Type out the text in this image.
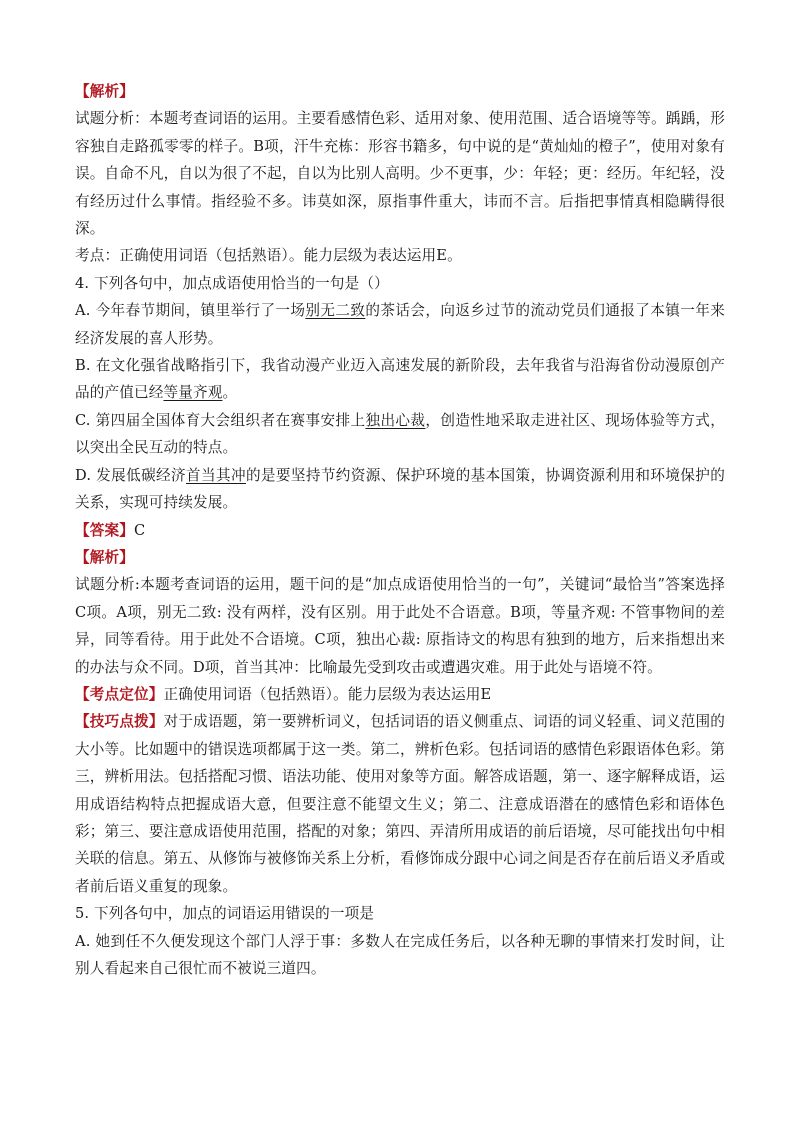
【解析】

试题分析：本题考查词语的运用。主要看感情色彩、适用对象、使用范围、适合语境等等。踽踽，形容独自走路孤零零的样子。B项，汗牛充栋：形容书籍多，句中说的是“黄灿灿的橙子”，使用对象有误。自命不凡，自以为很了不起，自以为比别人高明。少不更事，少：年轻；更：经历。年纪轻，没有经历过什么事情。指经验不多。讳莫如深，原指事件重大，讳而不言。后指把事情真相隐瞒得很深。

考点：正确使用词语（包括熟语）。能力层级为表达运用E。

4. 下列各句中，加点成语使用恰当的一句是（）

A. 今年春节期间，镇里举行了一场别无二致的茶话会，向返乡过节的流动党员们通报了本镇一年来经济发展的喜人形势。

B. 在文化强省战略指引下，我省动漫产业迈入高速发展的新阶段，去年我省与沿海省份动漫原创产品的产值已经等量齐观。

C. 第四届全国体育大会组织者在赛事安排上独出心裁，创造性地采取走进社区、现场体验等方式，以突出全民互动的特点。

D. 发展低碳经济首当其冲的是要坚持节约资源、保护环境的基本国策，协调资源利用和环境保护的关系，实现可持续发展。

【答案】C

【解析】

试题分析:本题考查词语的运用，题干问的是“加点成语使用恰当的一句”，关键词“最恰当”答案选择C项。A项，别无二致: 没有两样，没有区别。用于此处不合语意。B项，等量齐观: 不管事物间的差异，同等看待。用于此处不合语境。C项，独出心裁: 原指诗文的构思有独到的地方，后来指想出来的办法与众不同。D项，首当其冲：比喻最先受到攻击或遭遇灾难。用于此处与语境不符。

【考点定位】正确使用词语（包括熟语）。能力层级为表达运用E

【技巧点拨】对于成语题，第一要辨析词义，包括词语的语义侧重点、词语的词义轻重、词义范围的大小等。比如题中的错误选项都属于这一类。第二，辨析色彩。包括词语的感情色彩跟语体色彩。第三，辨析用法。包括搭配习惯、语法功能、使用对象等方面。解答成语题，第一、逐字解释成语，运用成语结构特点把握成语大意，但要注意不能望文生义；第二、注意成语潜在的感情色彩和语体色彩；第三、要注意成语使用范围，搭配的对象；第四、弄清所用成语的前后语境，尽可能找出句中相关联的信息。第五、从修饰与被修饰关系上分析，看修饰成分跟中心词之间是否存在前后语义矛盾或者前后语义重复的现象。

5. 下列各句中，加点的词语运用错误的一项是

A. 她到任不久便发现这个部门人浮于事：多数人在完成任务后，以各种无聊的事情来打发时间，让别人看起来自己很忙而不被说三道四。
